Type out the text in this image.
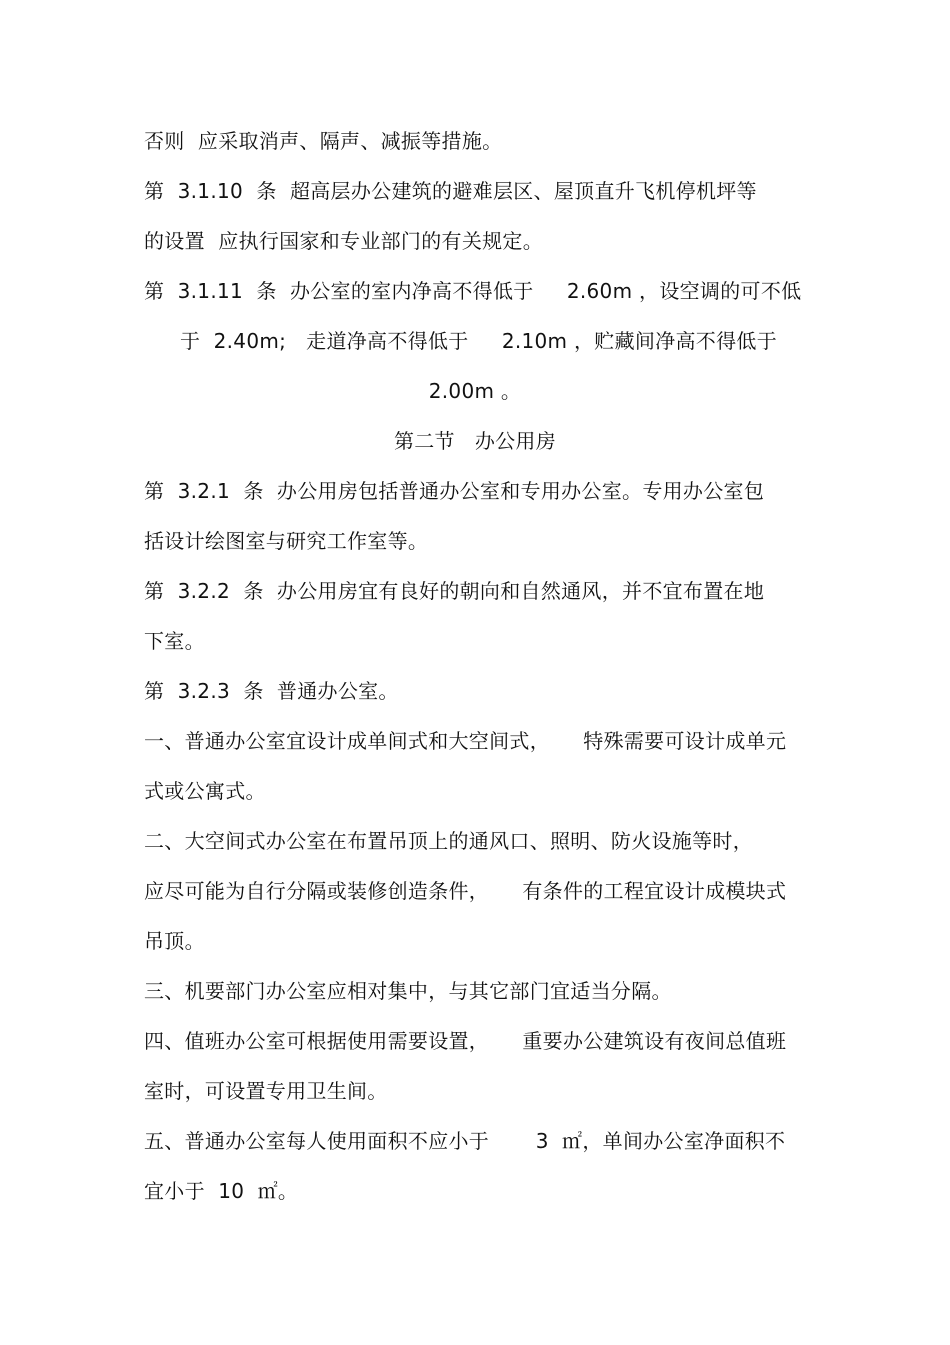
否则  应采取消声、隔声、减振等措施。
第  3.1.10  条  超高层办公建筑的避难层区、屋顶直升飞机停机坪等
的设置  应执行国家和专业部门的有关规定。
第  3.1.11  条  办公室的室内净高不得低于     2.60m ，设空调的可不低
于  2.40m;   走道净高不得低于     2.10m ，贮藏间净高不得低于
2.00m 。
第二节   办公用房
第  3.2.1  条  办公用房包括普通办公室和专用办公室。专用办公室包
括设计绘图室与研究工作室等。
第  3.2.2  条  办公用房宜有良好的朝向和自然通风，并不宜布置在地
下室。
第  3.2.3  条  普通办公室。
一、普通办公室宜设计成单间式和大空间式，     特殊需要可设计成单元
式或公寓式。
二、大空间式办公室在布置吊顶上的通风口、照明、防火设施等时，
应尽可能为自行分隔或装修创造条件，     有条件的工程宜设计成模块式
吊顶。
三、机要部门办公室应相对集中，与其它部门宜适当分隔。
四、值班办公室可根据使用需要设置，     重要办公建筑设有夜间总值班
室时，可设置专用卫生间。
五、普通办公室每人使用面积不应小于       3  ㎡，单间办公室净面积不
宜小于  10  ㎡。
